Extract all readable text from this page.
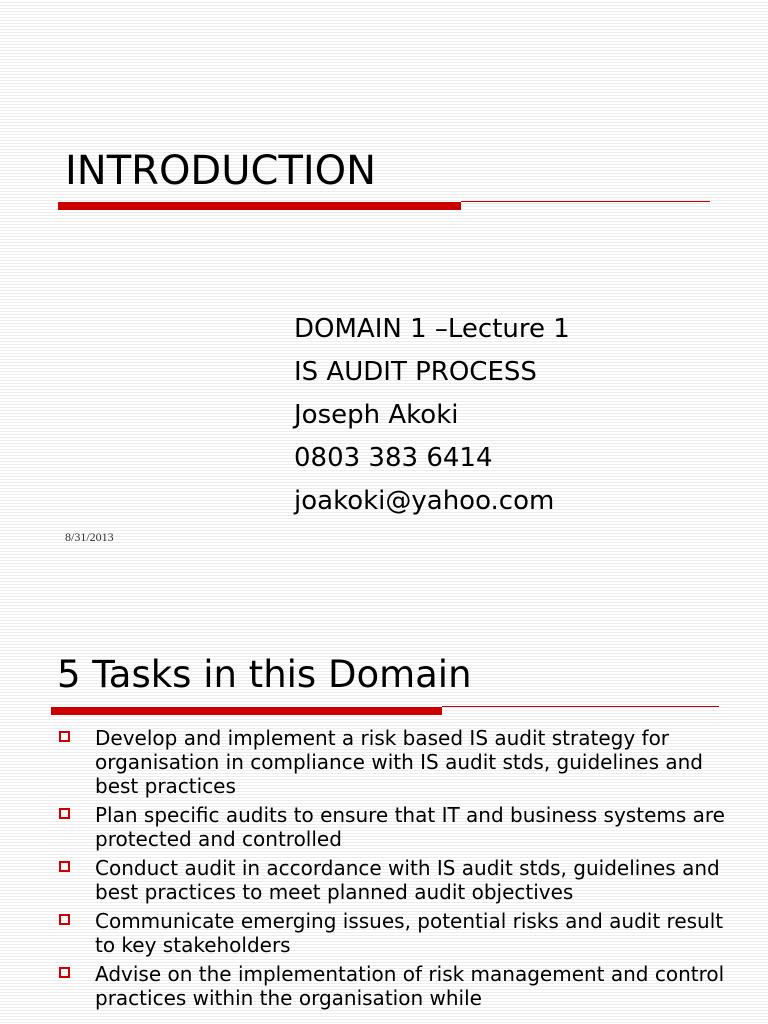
INTRODUCTION
DOMAIN 1 –Lecture 1
IS AUDIT PROCESS
Joseph Akoki
0803 383 6414
joakoki@yahoo.com
8/31/2013
5 Tasks in this Domain
Develop and implement a risk based IS audit strategy for organisation in compliance with IS audit stds, guidelines and best practices
Plan specific audits to ensure that IT and business systems are protected and controlled
Conduct audit in accordance with IS audit stds, guidelines and best practices to meet planned audit objectives
Communicate emerging issues, potential risks and audit result to key stakeholders
Advise on the implementation of risk management and control practices within the organisation while
